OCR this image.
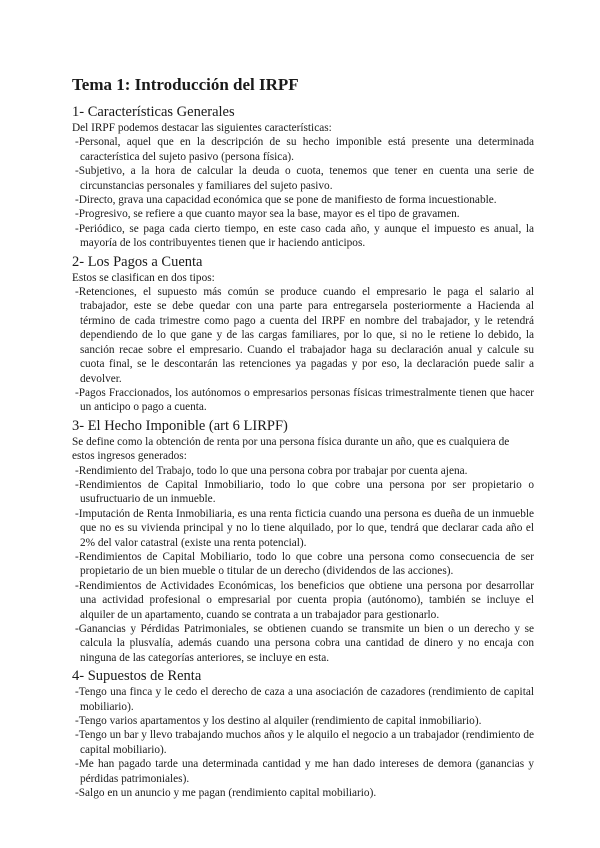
Tema 1: Introducción del IRPF
1- Características Generales

Del IRPF podemos destacar las siguientes características:

-Personal, aquel que en la descripción de su hecho imponible está presente una determinada característica del sujeto pasivo (persona física).

-Subjetivo, a la hora de calcular la deuda o cuota, tenemos que tener en cuenta una serie de circunstancias personales y familiares del sujeto pasivo.

-Directo, grava una capacidad económica que se pone de manifiesto de forma incuestionable.

-Progresivo, se refiere a que cuanto mayor sea la base, mayor es el tipo de gravamen.

-Periódico, se paga cada cierto tiempo, en este caso cada año, y aunque el impuesto es anual, la mayoría de los contribuyentes tienen que ir haciendo anticipos.

2- Los Pagos a Cuenta

Estos se clasifican en dos tipos:

-Retenciones, el supuesto más común se produce cuando el empresario le paga el salario al trabajador, este se debe quedar con una parte para entregarsela posteriormente a Hacienda al término de cada trimestre como pago a cuenta del IRPF en nombre del trabajador, y le retendrá dependiendo de lo que gane y de las cargas familiares, por lo que, si no le retiene lo debido, la sanción recae sobre el empresario. Cuando el trabajador haga su declaración anual y calcule su cuota final, se le descontarán las retenciones ya pagadas y por eso, la declaración puede salir a devolver.

-Pagos Fraccionados, los autónomos o empresarios personas físicas trimestralmente tienen que hacer un anticipo o pago a cuenta.

3- El Hecho Imponible (art 6 LIRPF)

Se define como la obtención de renta por una persona física durante un año, que es cualquiera de estos ingresos generados:

-Rendimiento del Trabajo, todo lo que una persona cobra por trabajar por cuenta ajena.

-Rendimientos de Capital Inmobiliario, todo lo que cobre una persona por ser propietario o usufructuario de un inmueble.

-Imputación de Renta Inmobiliaria, es una renta ficticia cuando una persona es dueña de un inmueble que no es su vivienda principal y no lo tiene alquilado, por lo que, tendrá que declarar cada año el 2% del valor catastral (existe una renta potencial).

-Rendimientos de Capital Mobiliario, todo lo que cobre una persona como consecuencia de ser propietario de un bien mueble o titular de un derecho (dividendos de las acciones).

-Rendimientos de Actividades Económicas, los beneficios que obtiene una persona por desarrollar una actividad profesional o empresarial por cuenta propia (autónomo), también se incluye el alquiler de un apartamento, cuando se contrata a un trabajador para gestionarlo.

-Ganancias y Pérdidas Patrimoniales, se obtienen cuando se transmite un bien o un derecho y se calcula la plusvalía, además cuando una persona cobra una cantidad de dinero y no encaja con ninguna de las categorías anteriores, se incluye en esta.

4- Supuestos de Renta

-Tengo una finca y le cedo el derecho de caza a una asociación de cazadores (rendimiento de capital mobiliario).

-Tengo varios apartamentos y los destino al alquiler (rendimiento de capital inmobiliario).

-Tengo un bar y llevo trabajando muchos años y le alquilo el negocio a un trabajador (rendimiento de capital mobiliario).

-Me han pagado tarde una determinada cantidad y me han dado intereses de demora (ganancias y pérdidas patrimoniales).

-Salgo en un anuncio y me pagan (rendimiento capital mobiliario).
